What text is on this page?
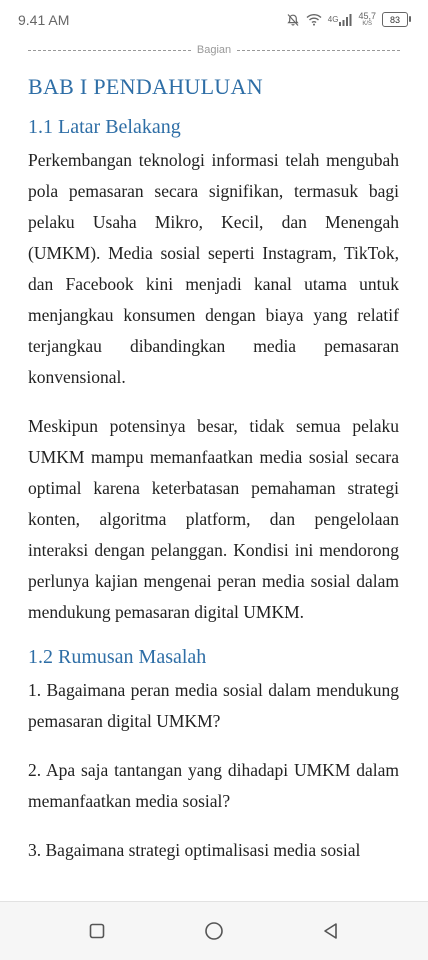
9.41 AM	4G 45,7
K/S 83
Bagian
BAB I PENDAHULUAN
1.1 Latar Belakang

Perkembangan teknologi informasi telah mengubah pola pemasaran secara signifikan, termasuk bagi pelaku Usaha Mikro, Kecil, dan Menengah (UMKM). Media sosial seperti Instagram, TikTok, dan Facebook kini menjadi kanal utama untuk menjangkau konsumen dengan biaya yang relatif terjangkau dibandingkan media pemasaran konvensional.

Meskipun potensinya besar, tidak semua pelaku UMKM mampu memanfaatkan media sosial secara optimal karena keterbatasan pemahaman strategi konten, algoritma platform, dan pengelolaan interaksi dengan pelanggan. Kondisi ini mendorong perlunya kajian mengenai peran media sosial dalam mendukung pemasaran digital UMKM.

1.2 Rumusan Masalah

1. Bagaimana peran media sosial dalam mendukung pemasaran digital UMKM?

2. Apa saja tantangan yang dihadapi UMKM dalam memanfaatkan media sosial?

3. Bagaimana strategi optimalisasi media sosial
